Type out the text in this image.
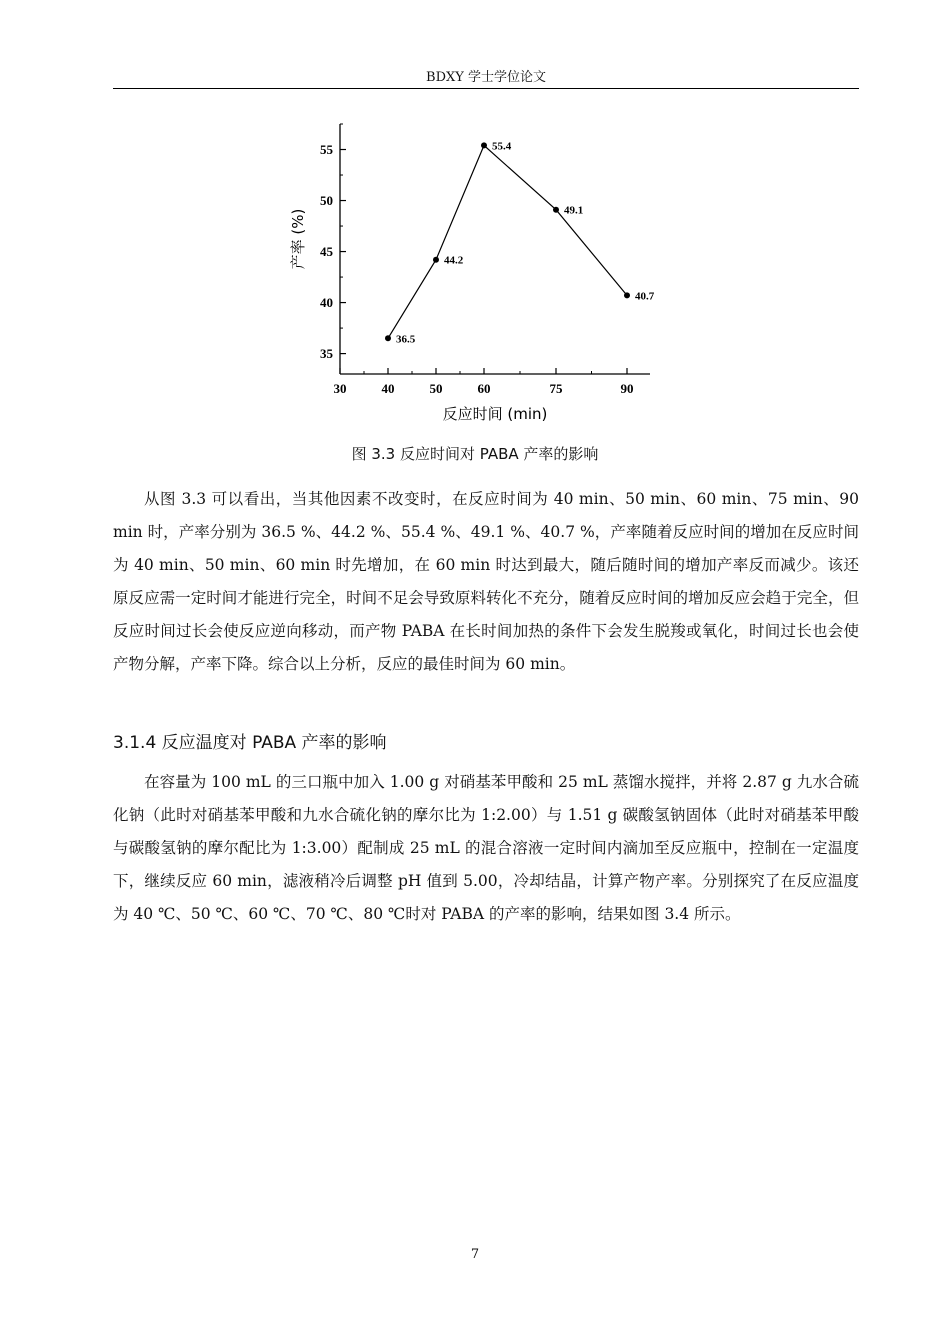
BDXY 学士学位论文
35
40
45
50
55
30	40	50	60	75	90
36.5
44.2
55.4
49.1
40.7
反应时间 (min)
产率 (%)
图 3.3 反应时间对 PABA 产率的影响

从图 3.3 可以看出，当其他因素不改变时，在反应时间为 40 min、50 min、60 min、75 min、90 min 时，产率分别为 36.5 %、44.2 %、55.4 %、49.1 %、40.7 %，产率随着反应时间的增加在反应时间为 40 min、50 min、60 min 时先增加，在 60 min 时达到最大，随后随时间的增加产率反而减少。该还原反应需一定时间才能进行完全，时间不足会导致原料转化不充分，随着反应时间的增加反应会趋于完全，但反应时间过长会使反应逆向移动，而产物 PABA 在长时间加热的条件下会发生脱羧或氧化，时间过长也会使产物分解，产率下降。综合以上分析，反应的最佳时间为 60 min。

3.1.4 反应温度对 PABA 产率的影响

在容量为 100 mL 的三口瓶中加入 1.00 g 对硝基苯甲酸和 25 mL 蒸馏水搅拌，并将 2.87 g 九水合硫化钠（此时对硝基苯甲酸和九水合硫化钠的摩尔比为 1:2.00）与 1.51 g 碳酸氢钠固体（此时对硝基苯甲酸与碳酸氢钠的摩尔配比为 1:3.00）配制成 25 mL 的混合溶液一定时间内滴加至反应瓶中，控制在一定温度下，继续反应 60 min，滤液稍冷后调整 pH 值到 5.00，冷却结晶，计算产物产率。分别探究了在反应温度为 40 ℃、50 ℃、60 ℃、70 ℃、80 ℃时对 PABA 的产率的影响，结果如图 3.4 所示。

7
